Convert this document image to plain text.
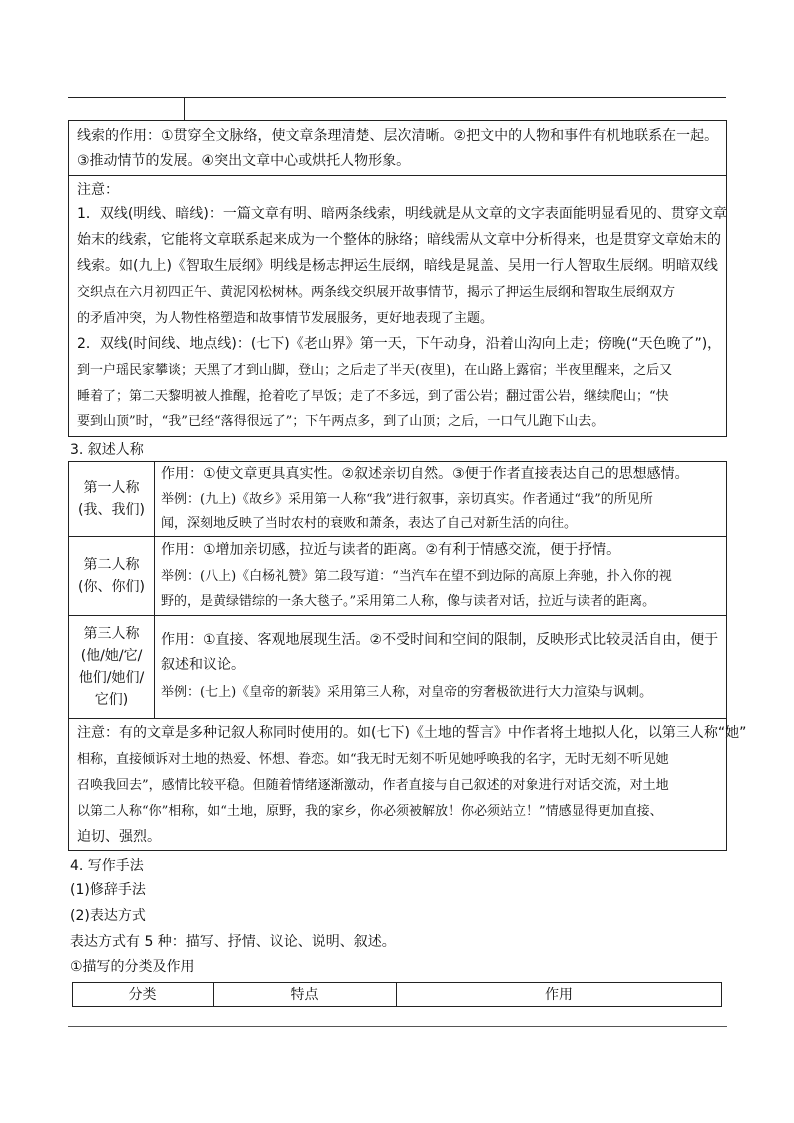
线索的作用：①贯穿全文脉络，使文章条理清楚、层次清晰。②把文中的人物和事件有机地联系在一起。
③推动情节的发展。④突出文章中心或烘托人物形象。
注意：
1．双线(明线、暗线)：一篇文章有明、暗两条线索，明线就是从文章的文字表面能明显看见的、贯穿文章
始末的线索，它能将文章联系起来成为一个整体的脉络；暗线需从文章中分析得来，也是贯穿文章始末的
线索。如(九上)《智取生辰纲》明线是杨志押运生辰纲，暗线是晁盖、吴用一行人智取生辰纲。明暗双线
交织点在六月初四正午、黄泥冈松树林。两条线交织展开故事情节，揭示了押运生辰纲和智取生辰纲双方
的矛盾冲突，为人物性格塑造和故事情节发展服务，更好地表现了主题。
2．双线(时间线、地点线)：(七下)《老山界》第一天，下午动身，沿着山沟向上走；傍晚(“天色晚了”)，
到一户瑶民家攀谈；天黑了才到山脚，登山；之后走了半天(夜里)，在山路上露宿；半夜里醒来，之后又
睡着了；第二天黎明被人推醒，抢着吃了早饭；走了不多远，到了雷公岩；翻过雷公岩，继续爬山；“快
要到山顶”时，“我”已经“落得很远了”；下午两点多，到了山顶；之后，一口气儿跑下山去。
3. 叙述人称
第一人称
(我、我们)
作用：①使文章更具真实性。②叙述亲切自然。③便于作者直接表达自己的思想感情。
举例：(九上)《故乡》采用第一人称“我”进行叙事，亲切真实。作者通过“我”的所见所
闻，深刻地反映了当时农村的衰败和萧条，表达了自己对新生活的向往。
第二人称
(你、你们)
作用：①增加亲切感，拉近与读者的距离。②有利于情感交流，便于抒情。
举例：(八上)《白杨礼赞》第二段写道：“当汽车在望不到边际的高原上奔驰，扑入你的视
野的，是黄绿错综的一条大毯子。”采用第二人称，像与读者对话，拉近与读者的距离。
第三人称
(他/她/它/
他们/她们/
它们)
作用：①直接、客观地展现生活。②不受时间和空间的限制，反映形式比较灵活自由，便于
叙述和议论。
举例：(七上)《皇帝的新装》采用第三人称，对皇帝的穷奢极欲进行大力渲染与讽刺。
注意：有的文章是多种记叙人称同时使用的。如(七下)《土地的誓言》中作者将土地拟人化，以第三人称“她”
相称，直接倾诉对土地的热爱、怀想、眷恋。如“我无时无刻不听见她呼唤我的名字，无时无刻不听见她
召唤我回去”，感情比较平稳。但随着情绪逐渐激动，作者直接与自己叙述的对象进行对话交流，对土地
以第二人称“你”相称，如“土地，原野，我的家乡，你必须被解放！你必须站立！”情感显得更加直接、
迫切、强烈。
4. 写作手法
(1)修辞手法
(2)表达方式
表达方式有 5 种：描写、抒情、议论、说明、叙述。
①描写的分类及作用
分类	特点	作用
